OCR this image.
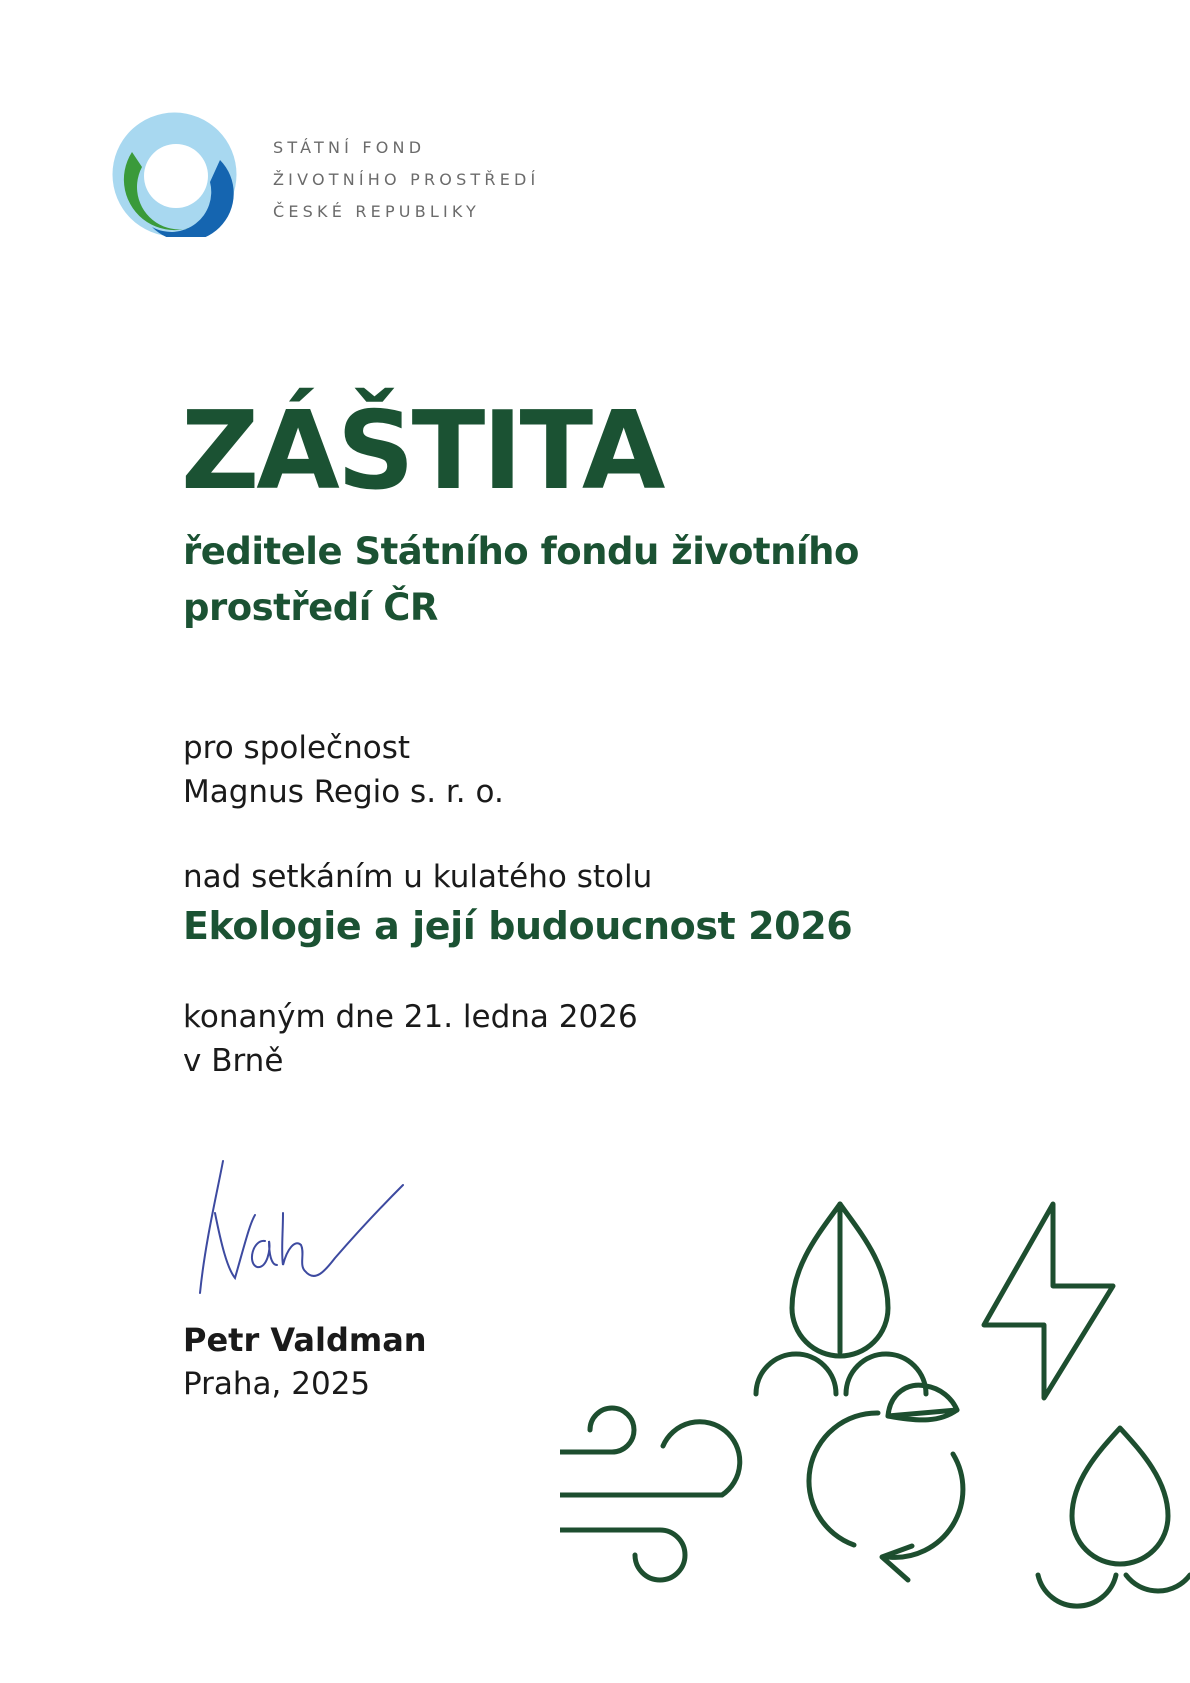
STÁTNÍ FOND
ŽIVOTNÍHO PROSTŘEDÍ
ČESKÉ REPUBLIKY
ZÁŠTITA
ředitele Státního fondu životního
prostředí ČR
pro společnost
Magnus Regio s. r. o.
nad setkáním u kulatého stolu
Ekologie a její budoucnost 2026
konaným dne 21. ledna 2026
v Brně
Petr Valdman
Praha, 2025
